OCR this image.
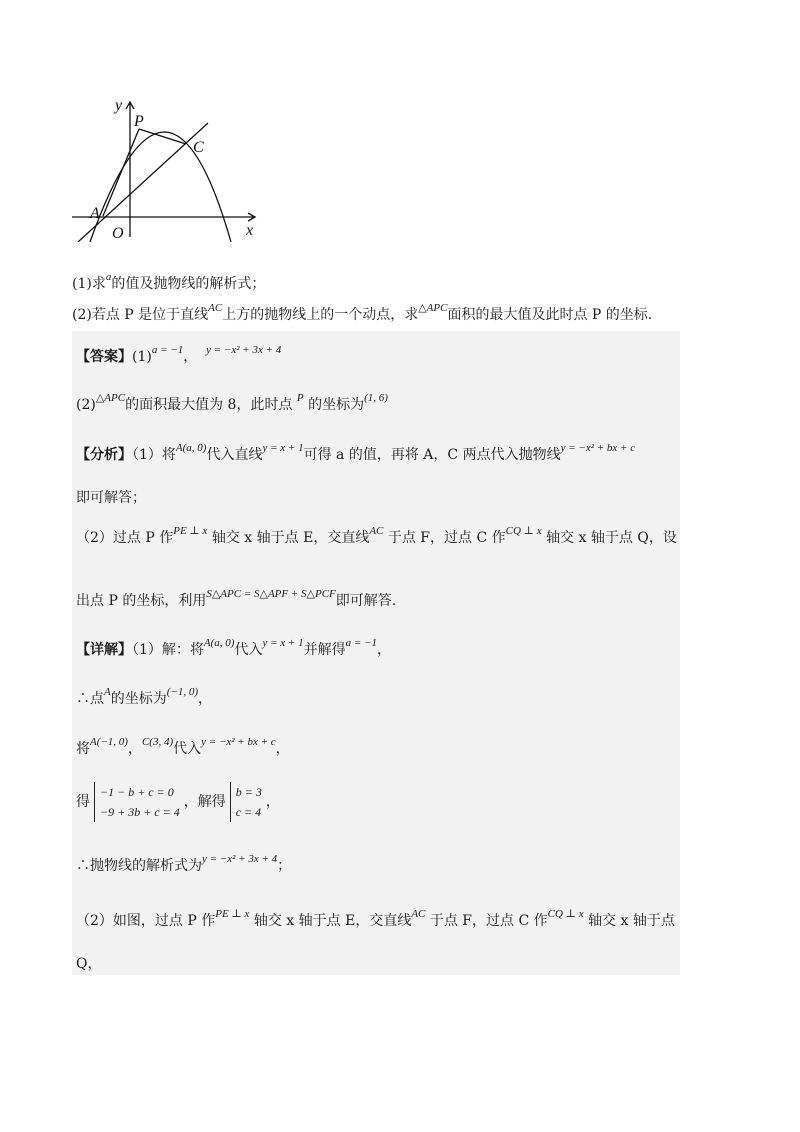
y
P
C
A
O	x
(1)求$^a$的值及抛物线的解析式；
(2)若点 P 是位于直线$^{AC}$上方的抛物线上的一个动点，求$^{\triangle APC}$面积的最大值及此时点 P 的坐标.
【答案】$(1)^{a = -1}$， $^{y = -x^2 + 3x + 4}$
$(2)^{\triangle APC}$的面积最大值为 8，此时点 $^P$ 的坐标为$^{(1, 6)}$
【分析】（1）将$^{A(a, 0)}$代入直线$^{y = x + 1}$可得 a 的值，再将 A，C 两点代入抛物线$^{y = -x^2 + bx + c}$
即可解答；
（2）过点 P 作$^{PE \perp x}$ 轴交 x 轴于点 E，交直线$^{AC}$ 于点 F，过点 C 作$^{CQ \perp x}$ 轴交 x 轴于点 Q，设
出点 P 的坐标，利用$^{S\triangle APC = S\triangle APF + S\triangle PCF}$即可解答.
【详解】（1）解：将$^{A(a, 0)}$代入$^{y = x + 1}$并解得$^{a = -1}$，
∴点$^A$的坐标为$^{(-1, 0)}$，
将$^{A(-1, 0)}$，$^{C(3, 4)}$代入$^{y = -x^2 + bx + c}$，
得−1 − b + c = 0
−9 + 3b + c = 4，解得b = 3
c = 4，
∴抛物线的解析式为$^{y = -x^2 + 3x + 4}$；
（2）如图，过点 P 作$^{PE \perp x}$ 轴交 x 轴于点 E，交直线$^{AC}$ 于点 F，过点 C 作$^{CQ \perp x}$ 轴交 x 轴于点
Q，
